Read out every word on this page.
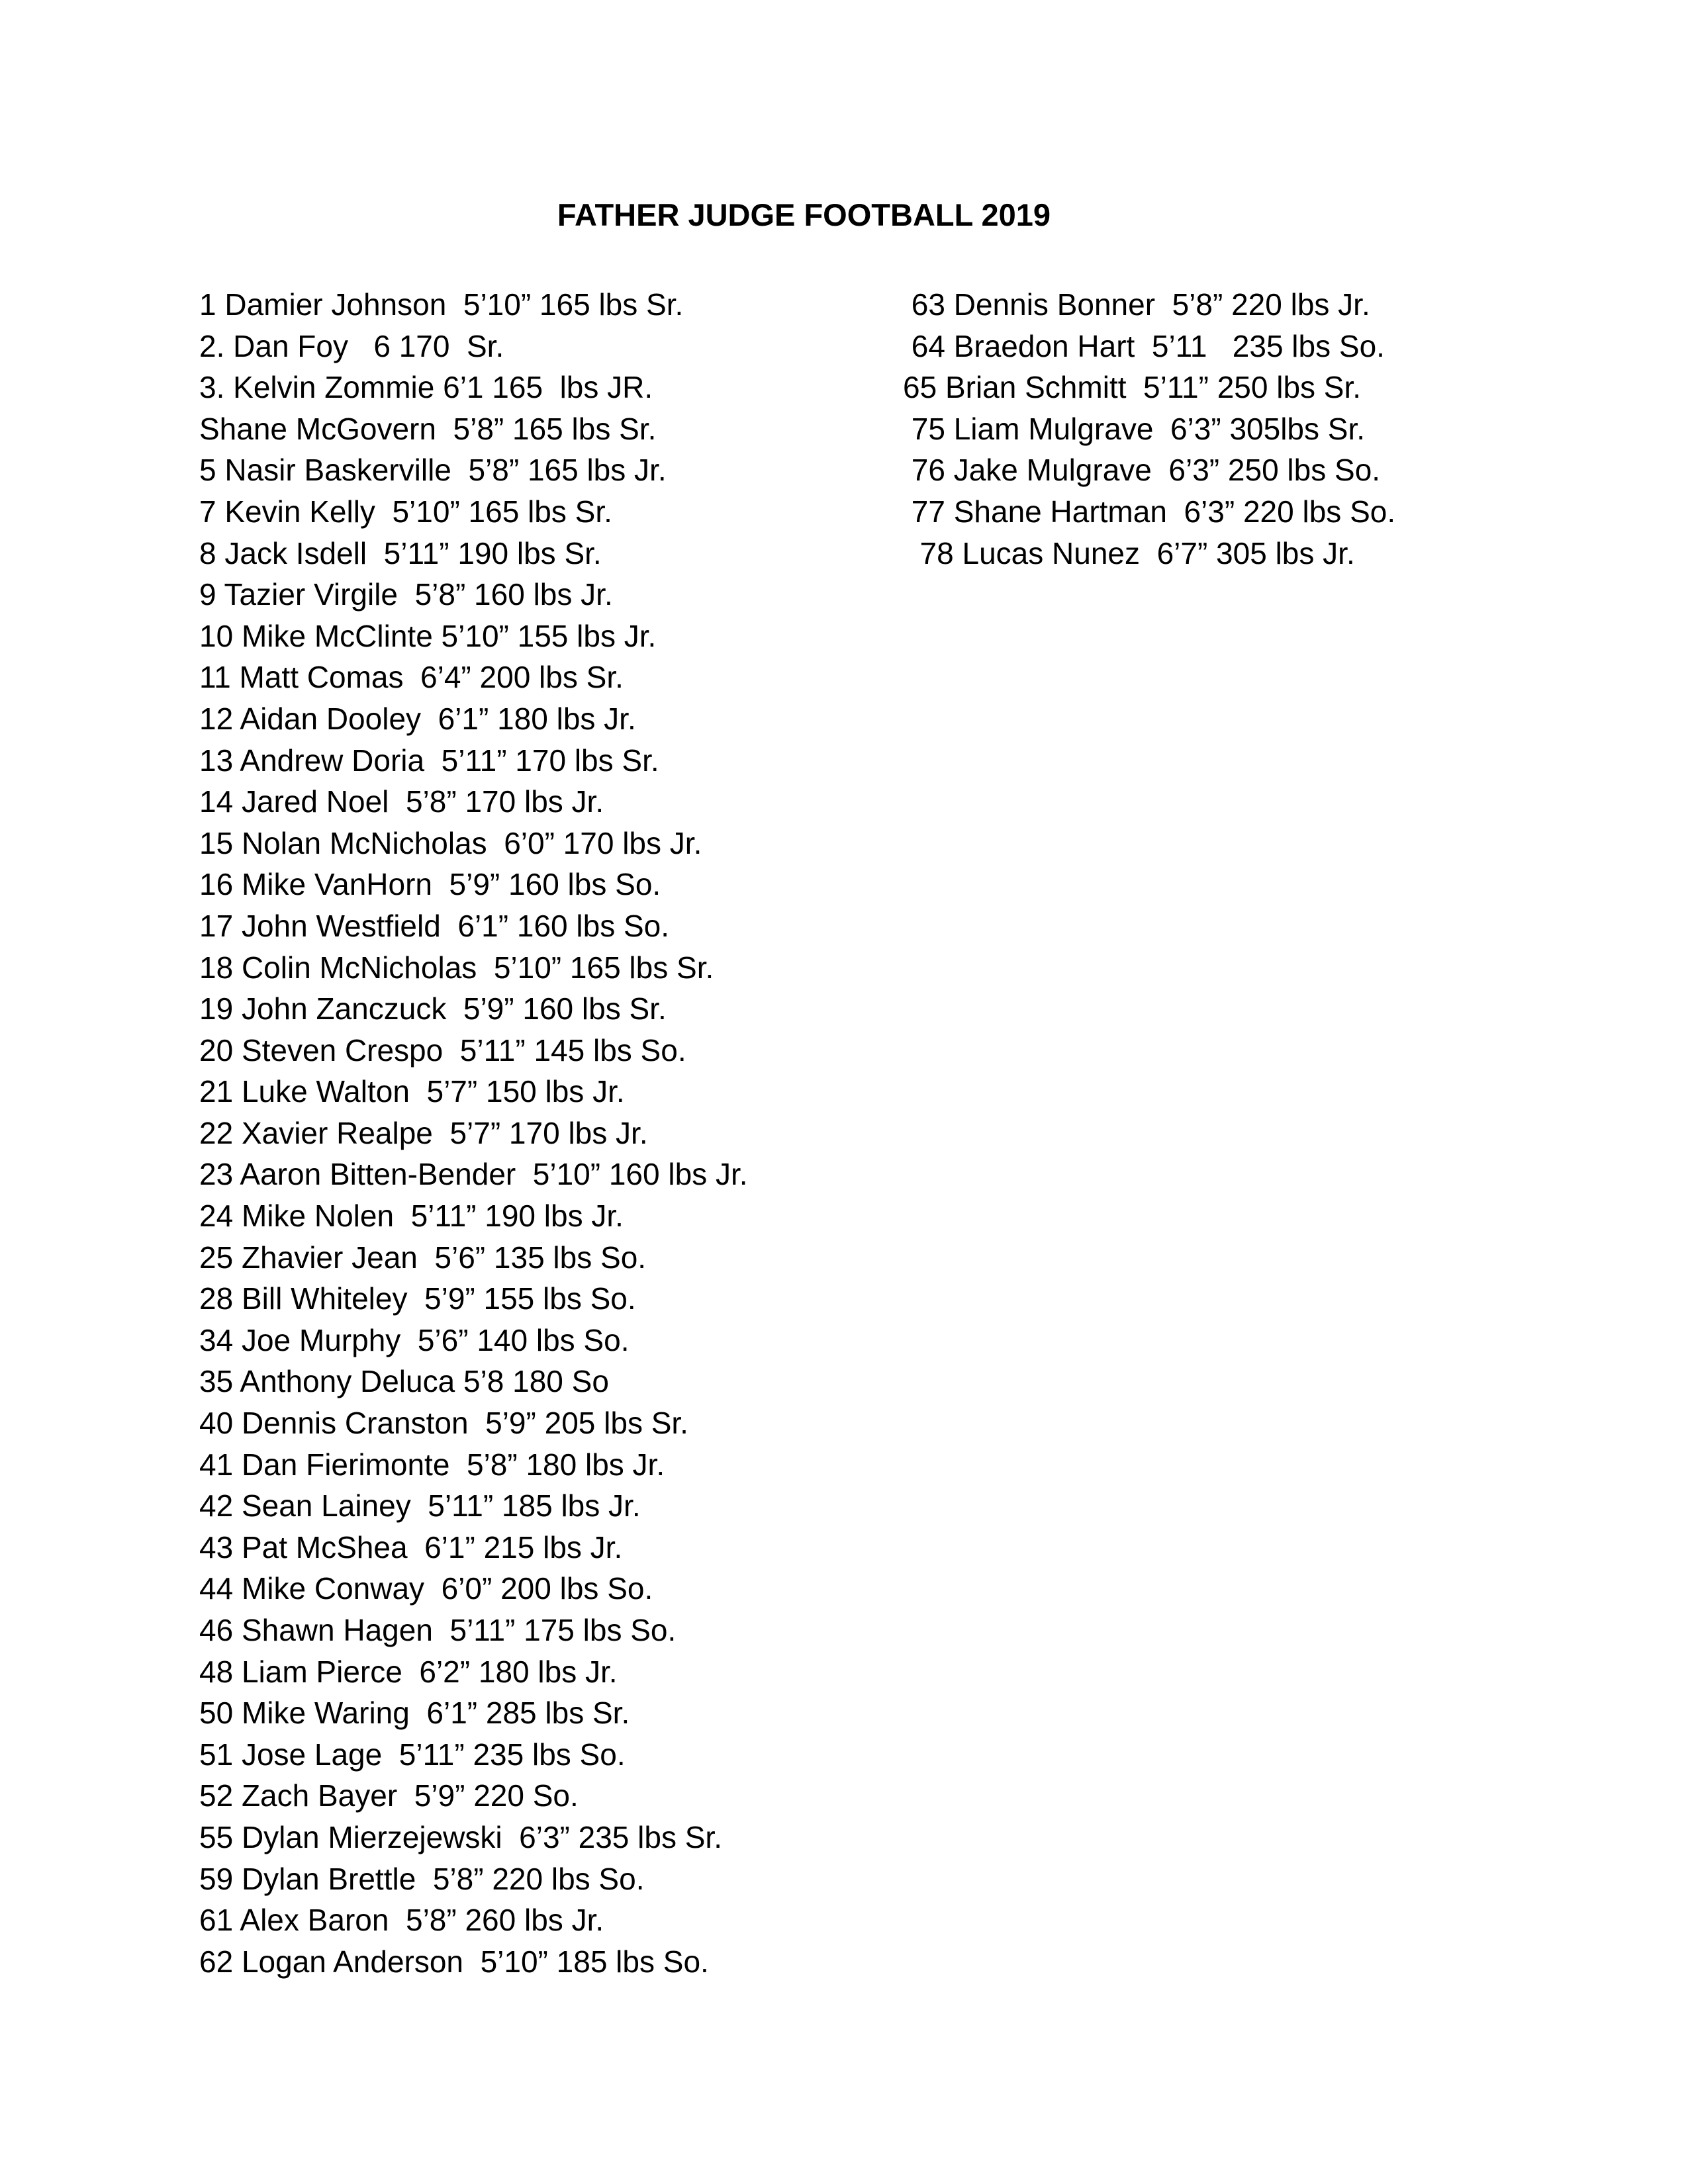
FATHER JUDGE FOOTBALL 2019
1 Damier Johnson  5’10” 165 lbs Sr.
2. Dan Foy   6 170  Sr.
3. Kelvin Zommie 6’1 165  lbs JR.
Shane McGovern  5’8” 165 lbs Sr.
5 Nasir Baskerville  5’8” 165 lbs Jr.
7 Kevin Kelly  5’10” 165 lbs Sr.
8 Jack Isdell  5’11” 190 lbs Sr.
9 Tazier Virgile  5’8” 160 lbs Jr.
10 Mike McClinte 5’10” 155 lbs Jr.
11 Matt Comas  6’4” 200 lbs Sr.
12 Aidan Dooley  6’1” 180 lbs Jr.
13 Andrew Doria  5’11” 170 lbs Sr.
14 Jared Noel  5’8” 170 lbs Jr.
15 Nolan McNicholas  6’0” 170 lbs Jr.
16 Mike VanHorn  5’9” 160 lbs So.
17 John Westfield  6’1” 160 lbs So.
18 Colin McNicholas  5’10” 165 lbs Sr.
19 John Zanczuck  5’9” 160 lbs Sr.
20 Steven Crespo  5’11” 145 lbs So.
21 Luke Walton  5’7” 150 lbs Jr.
22 Xavier Realpe  5’7” 170 lbs Jr.
23 Aaron Bitten-Bender  5’10” 160 lbs Jr.
24 Mike Nolen  5’11” 190 lbs Jr.
25 Zhavier Jean  5’6” 135 lbs So.
28 Bill Whiteley  5’9” 155 lbs So.
34 Joe Murphy  5’6” 140 lbs So.
35 Anthony Deluca 5’8 180 So
40 Dennis Cranston  5’9” 205 lbs Sr.
41 Dan Fierimonte  5’8” 180 lbs Jr.
42 Sean Lainey  5’11” 185 lbs Jr.
43 Pat McShea  6’1” 215 lbs Jr.
44 Mike Conway  6’0” 200 lbs So.
46 Shawn Hagen  5’11” 175 lbs So.
48 Liam Pierce  6’2” 180 lbs Jr.
50 Mike Waring  6’1” 285 lbs Sr.
51 Jose Lage  5’11” 235 lbs So.
52 Zach Bayer  5’9” 220 So.
55 Dylan Mierzejewski  6’3” 235 lbs Sr.
59 Dylan Brettle  5’8” 220 lbs So.
61 Alex Baron  5’8” 260 lbs Jr.
62 Logan Anderson  5’10” 185 lbs So.
63 Dennis Bonner  5’8” 220 lbs Jr.
64 Braedon Hart  5’11   235 lbs So.
65 Brian Schmitt  5’11” 250 lbs Sr.
75 Liam Mulgrave  6’3” 305lbs Sr.
76 Jake Mulgrave  6’3” 250 lbs So.
77 Shane Hartman  6’3” 220 lbs So.
78 Lucas Nunez  6’7” 305 lbs Jr.
